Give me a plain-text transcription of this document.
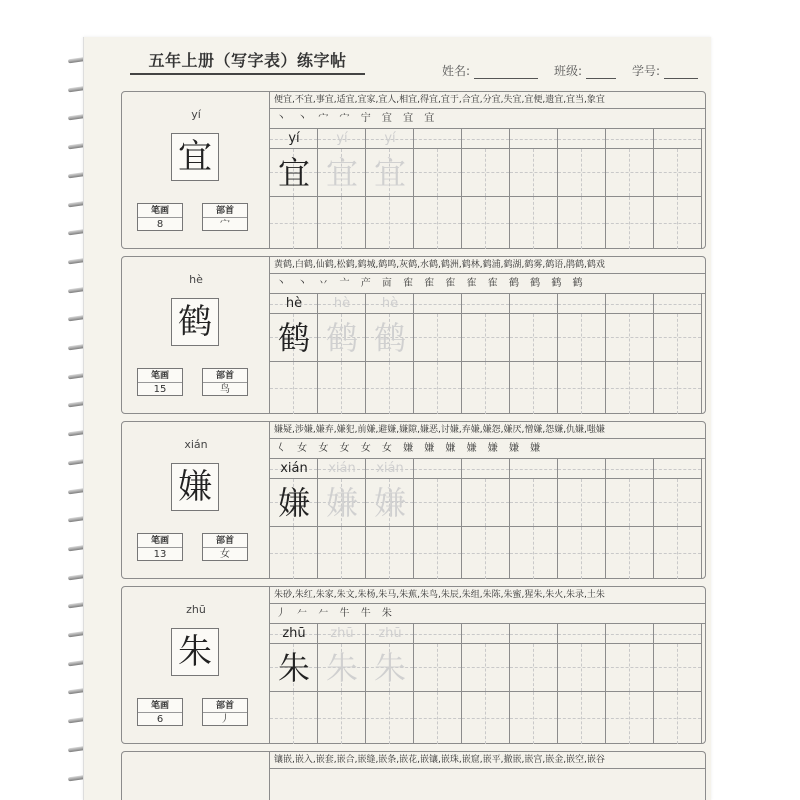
五年上册（写字表）练字帖
姓名:	班级:	学号:
yí
宜
笔画
8
部首
宀
便宜,不宜,事宜,适宜,宜家,宜人,相宜,得宜,宜于,合宜,分宜,失宜,宜便,遗宜,宜当,象宜
丶 丶 宀 宀 宁 宜 宜 宜
yí
宜
yí
宜
yí
宜
hè
鹤
笔画
15
部首
鸟
黄鹤,白鹤,仙鹤,松鹤,鹤城,鹤鸣,灰鹤,水鹤,鹤洲,鹤林,鹤浦,鹤湖,鹤雾,鹤语,鹃鹤,鹤戏
丶 丶 丷 亠 产 㐭 隺 隺 隺 隺 隺 鹤 鹤 鹤 鹤
hè
鹤
hè
鹤
hè
鹤
xián
嫌
笔画
13
部首
女
嫌疑,涉嫌,嫌弃,嫌犯,前嫌,避嫌,嫌隙,嫌恶,讨嫌,弃嫌,嫌怨,嫌厌,憎嫌,怨嫌,仇嫌,嗤嫌
𡿨 女 女 女 女 女 嫌 嫌 嫌 嫌 嫌 嫌 嫌
xián
嫌
xián
嫌
xián
嫌
zhū
朱
笔画
6
部首
丿
朱砂,朱红,朱家,朱文,朱杨,朱马,朱蕉,朱鸟,朱辰,朱组,朱陈,朱蜜,猩朱,朱火,朱录,土朱
丿 𠂉 𠂉 牛 牛 朱
zhū
朱
zhū
朱
zhū
朱
镶嵌,嵌入,嵌套,嵌合,嵌缝,嵌条,嵌花,嵌镶,嵌珠,嵌窟,嵌平,撤嵌,嵌宫,嵌金,嵌空,嵌谷
